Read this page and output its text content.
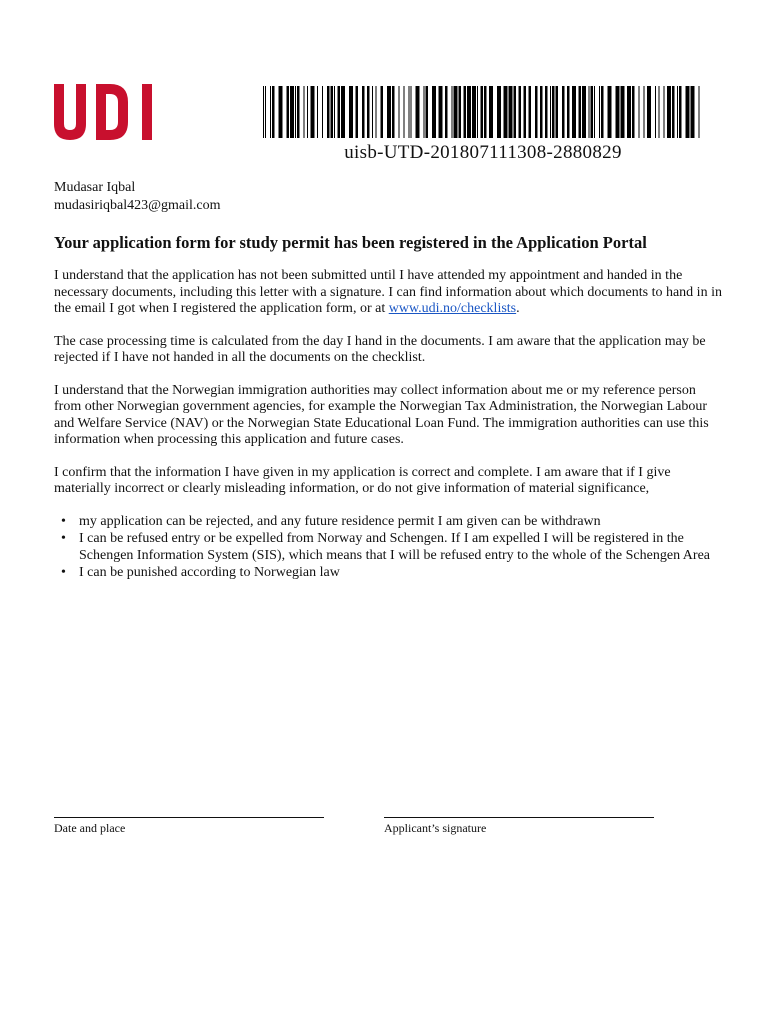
uisb-UTD-201807111308-2880829
Mudasar Iqbal
mudasiriqbal423@gmail.com
Your application form for study permit has been registered in the Application Portal

I understand that the application has not been submitted until I have attended my appointment and handed in the necessary documents, including this letter with a signature. I can find information about which documents to hand in in the email I got when I registered the application form, or at www.udi.no/checklists.

The case processing time is calculated from the day I hand in the documents. I am aware that the application may be rejected if I have not handed in all the documents on the checklist.

I understand that the Norwegian immigration authorities may collect information about me or my reference person from other Norwegian government agencies, for example the Norwegian Tax Administration, the Norwegian Labour and Welfare Service (NAV) or the Norwegian State Educational Loan Fund. The immigration authorities can use this information when processing this application and future cases.

I confirm that the information I have given in my application is correct and complete. I am aware that if I give materially incorrect or clearly misleading information, or do not give information of material significance,

• my application can be rejected, and any future residence permit I am given can be withdrawn
• I can be refused entry or be expelled from Norway and Schengen. If I am expelled I will be registered in the Schengen Information System (SIS), which means that I will be refused entry to the whole of the Schengen Area
• I can be punished according to Norwegian law
Date and place	Applicant’s signature
